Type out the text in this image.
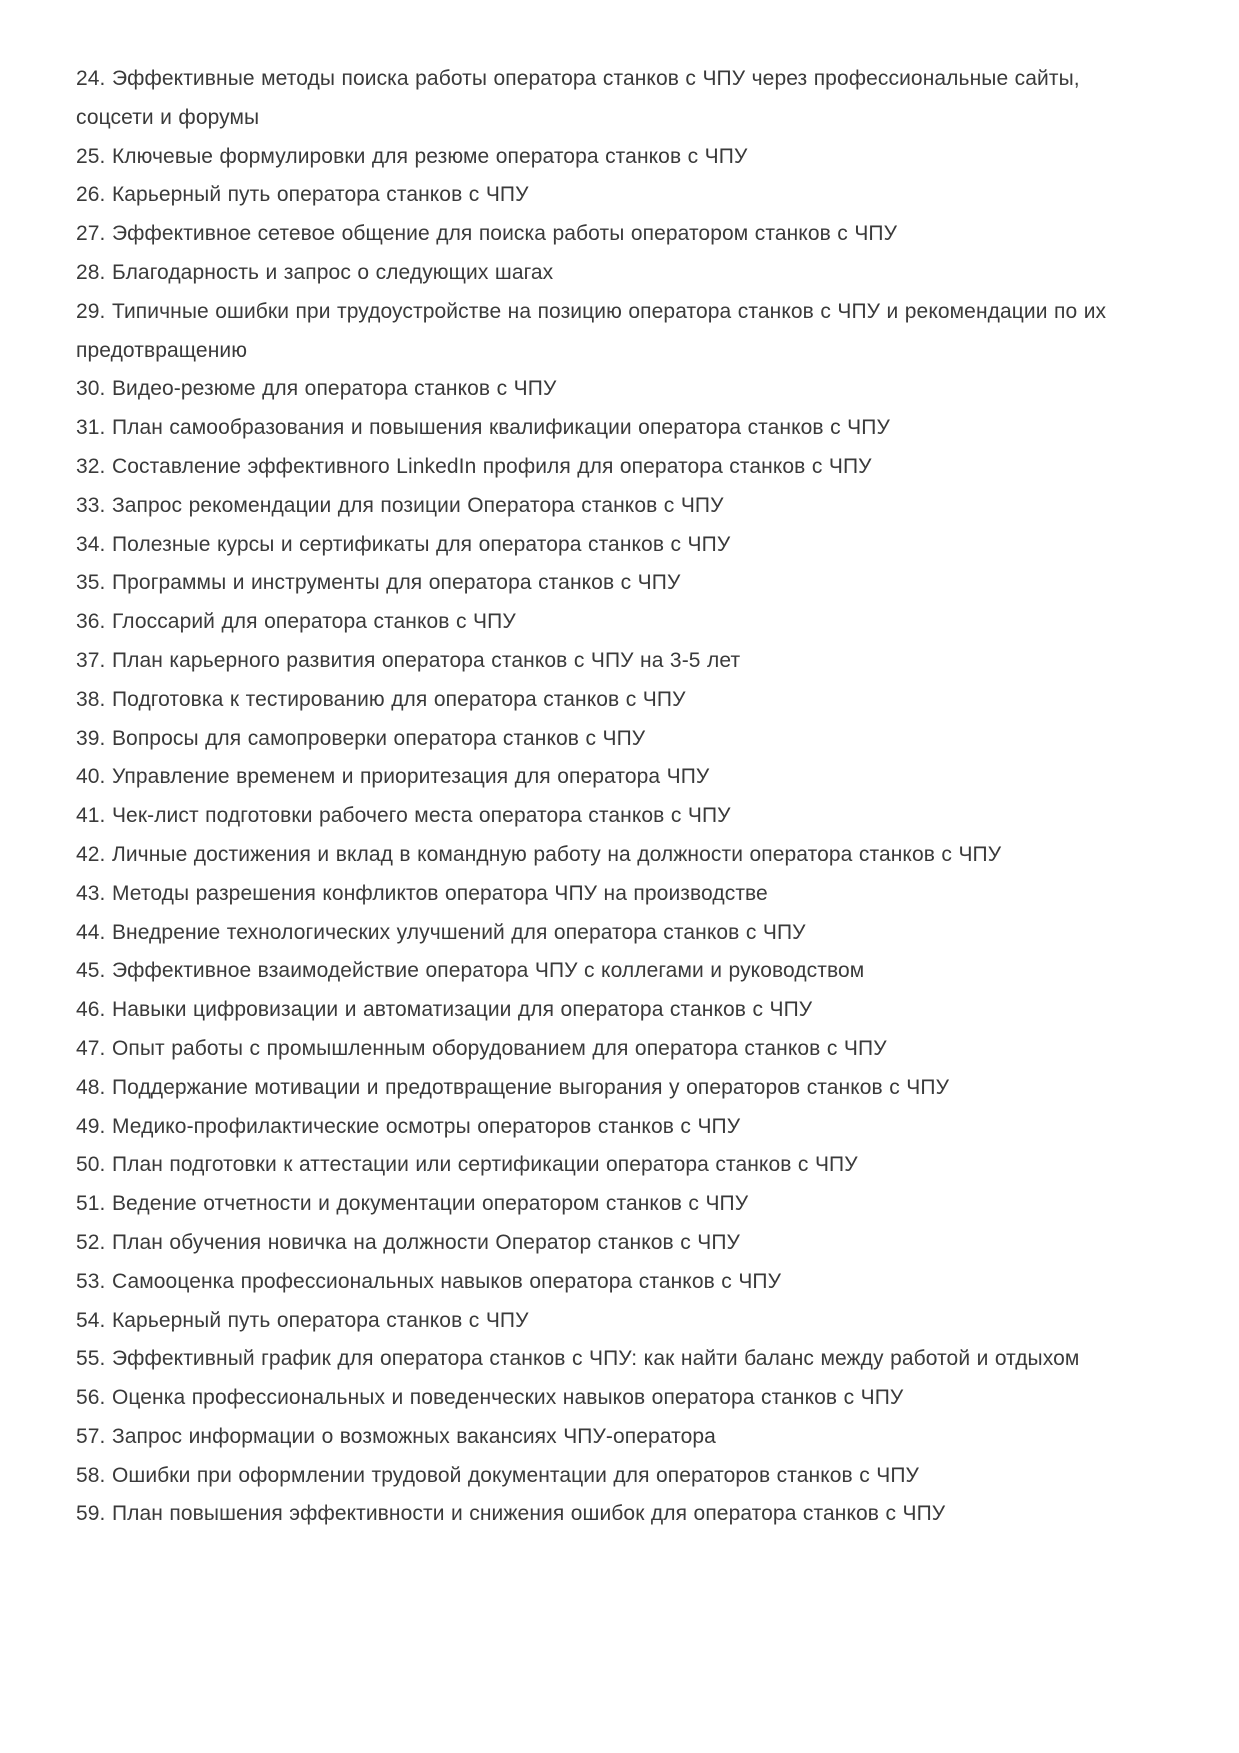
24. Эффективные методы поиска работы оператора станков с ЧПУ через профессиональные сайты, соцсети и форумы
25. Ключевые формулировки для резюме оператора станков с ЧПУ
26. Карьерный путь оператора станков с ЧПУ
27. Эффективное сетевое общение для поиска работы оператором станков с ЧПУ
28. Благодарность и запрос о следующих шагах
29. Типичные ошибки при трудоустройстве на позицию оператора станков с ЧПУ и рекомендации по их предотвращению
30. Видео-резюме для оператора станков с ЧПУ
31. План самообразования и повышения квалификации оператора станков с ЧПУ
32. Составление эффективного LinkedIn профиля для оператора станков с ЧПУ
33. Запрос рекомендации для позиции Оператора станков с ЧПУ
34. Полезные курсы и сертификаты для оператора станков с ЧПУ
35. Программы и инструменты для оператора станков с ЧПУ
36. Глоссарий для оператора станков с ЧПУ
37. План карьерного развития оператора станков с ЧПУ на 3-5 лет
38. Подготовка к тестированию для оператора станков с ЧПУ
39. Вопросы для самопроверки оператора станков с ЧПУ
40. Управление временем и приоритезация для оператора ЧПУ
41. Чек-лист подготовки рабочего места оператора станков с ЧПУ
42. Личные достижения и вклад в командную работу на должности оператора станков с ЧПУ
43. Методы разрешения конфликтов оператора ЧПУ на производстве
44. Внедрение технологических улучшений для оператора станков с ЧПУ
45. Эффективное взаимодействие оператора ЧПУ с коллегами и руководством
46. Навыки цифровизации и автоматизации для оператора станков с ЧПУ
47. Опыт работы с промышленным оборудованием для оператора станков с ЧПУ
48. Поддержание мотивации и предотвращение выгорания у операторов станков с ЧПУ
49. Медико-профилактические осмотры операторов станков с ЧПУ
50. План подготовки к аттестации или сертификации оператора станков с ЧПУ
51. Ведение отчетности и документации оператором станков с ЧПУ
52. План обучения новичка на должности Оператор станков с ЧПУ
53. Самооценка профессиональных навыков оператора станков с ЧПУ
54. Карьерный путь оператора станков с ЧПУ
55. Эффективный график для оператора станков с ЧПУ: как найти баланс между работой и отдыхом
56. Оценка профессиональных и поведенческих навыков оператора станков с ЧПУ
57. Запрос информации о возможных вакансиях ЧПУ-оператора
58. Ошибки при оформлении трудовой документации для операторов станков с ЧПУ
59. План повышения эффективности и снижения ошибок для оператора станков с ЧПУ
